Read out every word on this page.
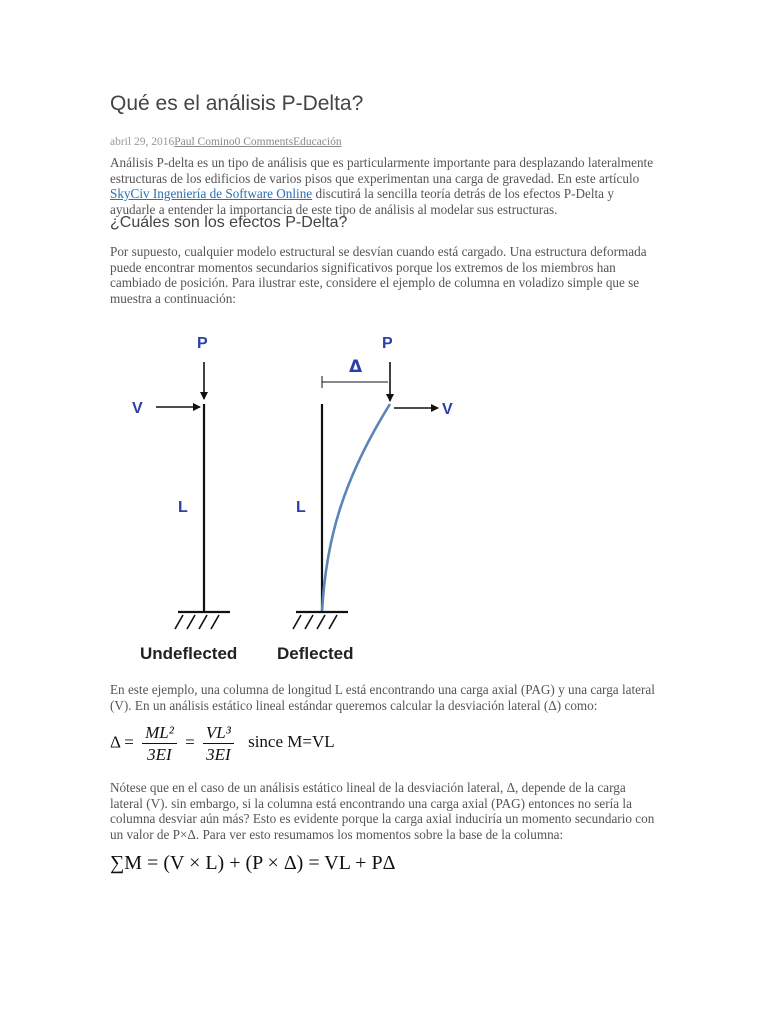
Qué es el análisis P-Delta?
abril 29, 2016Paul Comino0 CommentsEducación

Análisis P-delta es un tipo de análisis que es particularmente importante para desplazando lateralmente estructuras de los edificios de varios pisos que experimentan una carga de gravedad. En este artículo SkyCiv Ingeniería de Software Online discutirá la sencilla teoría detrás de los efectos P-Delta y ayudarle a entender la importancia de este tipo de análisis al modelar sus estructuras.

¿Cuáles son los efectos P-Delta?

Por supuesto, cualquier modelo estructural se desvían cuando está cargado. Una estructura deformada puede encontrar momentos secundarios significativos porque los extremos de los miembros han cambiado de posición. Para ilustrar este, considere el ejemplo de columna en voladizo simple que se muestra a continuación:

P
V
L
Undeflected
P
Δ
V
L
Deflected

En este ejemplo, una columna de longitud L está encontrando una carga axial (PAG) y una carga lateral (V). En un análisis estático lineal estándar queremos calcular la desviación lateral (Δ) como:

$\Delta = \frac{\text{ML²}}{3EI} = \frac{\text{VL³}}{3EI}$ since M=VL

Nótese que en el caso de un análisis estático lineal de la desviación lateral, Δ, depende de la carga lateral (V). sin embargo, si la columna está encontrando una carga axial (PAG) entonces no sería la columna desviar aún más? Esto es evidente porque la carga axial induciría un momento secundario con un valor de P×Δ. Para ver esto resumamos los momentos sobre la base de la columna:

∑M = (V × L) + (P × Δ) = VL + PΔ
